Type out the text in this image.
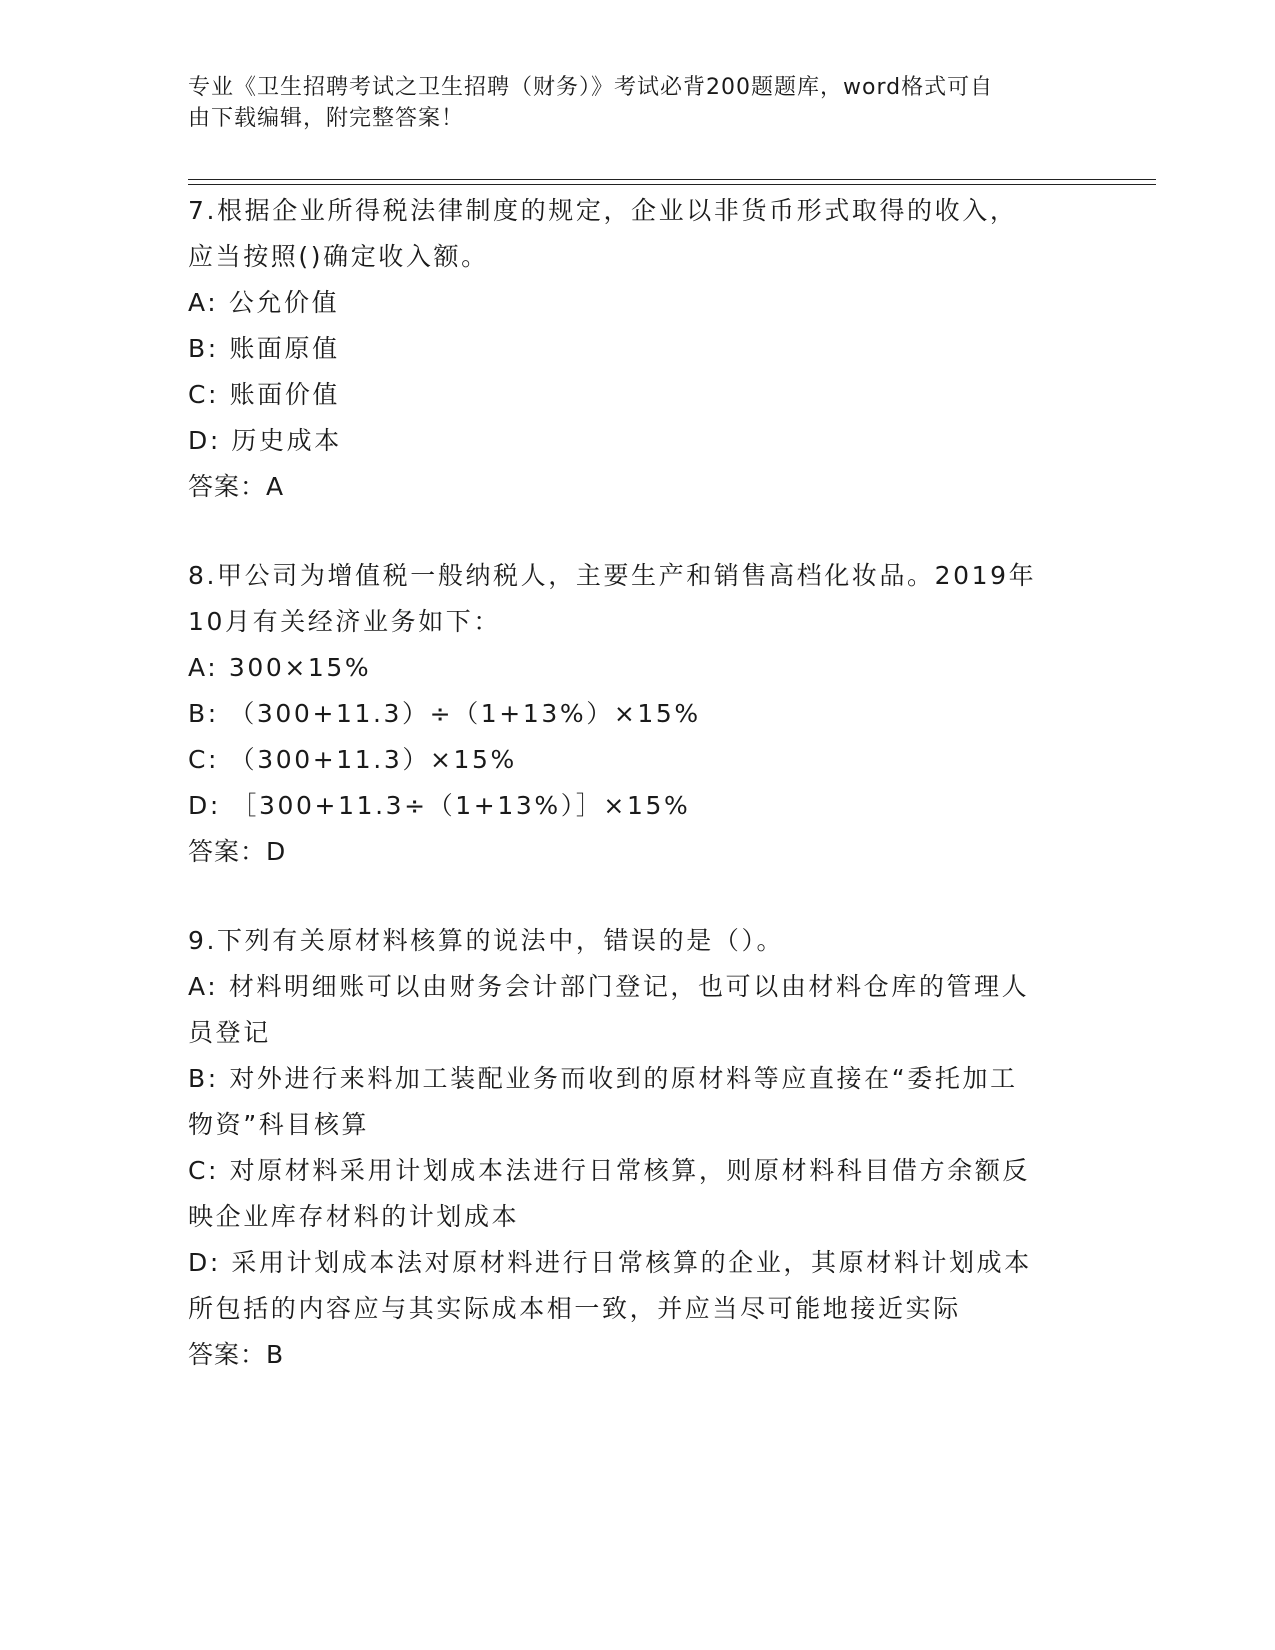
专业《卫生招聘考试之卫生招聘（财务）》考试必背200题题库，word格式可自
由下载编辑，附完整答案！
7.根据企业所得税法律制度的规定，企业以非货币形式取得的收入，
应当按照()确定收入额。
A: 公允价值
B: 账面原值
C: 账面价值
D: 历史成本
答案：A
8.甲公司为增值税一般纳税人，主要生产和销售高档化妆品。2019年
10月有关经济业务如下：
A: 300×15%
B: （300+11.3）÷（1+13%）×15%
C: （300+11.3）×15%
D: ［300+11.3÷（1+13%）］×15%
答案：D
9.下列有关原材料核算的说法中，错误的是（）。
A: 材料明细账可以由财务会计部门登记，也可以由材料仓库的管理人
员登记
B: 对外进行来料加工装配业务而收到的原材料等应直接在“委托加工
物资”科目核算
C: 对原材料采用计划成本法进行日常核算，则原材料科目借方余额反
映企业库存材料的计划成本
D: 采用计划成本法对原材料进行日常核算的企业，其原材料计划成本
所包括的内容应与其实际成本相一致，并应当尽可能地接近实际
答案：B
